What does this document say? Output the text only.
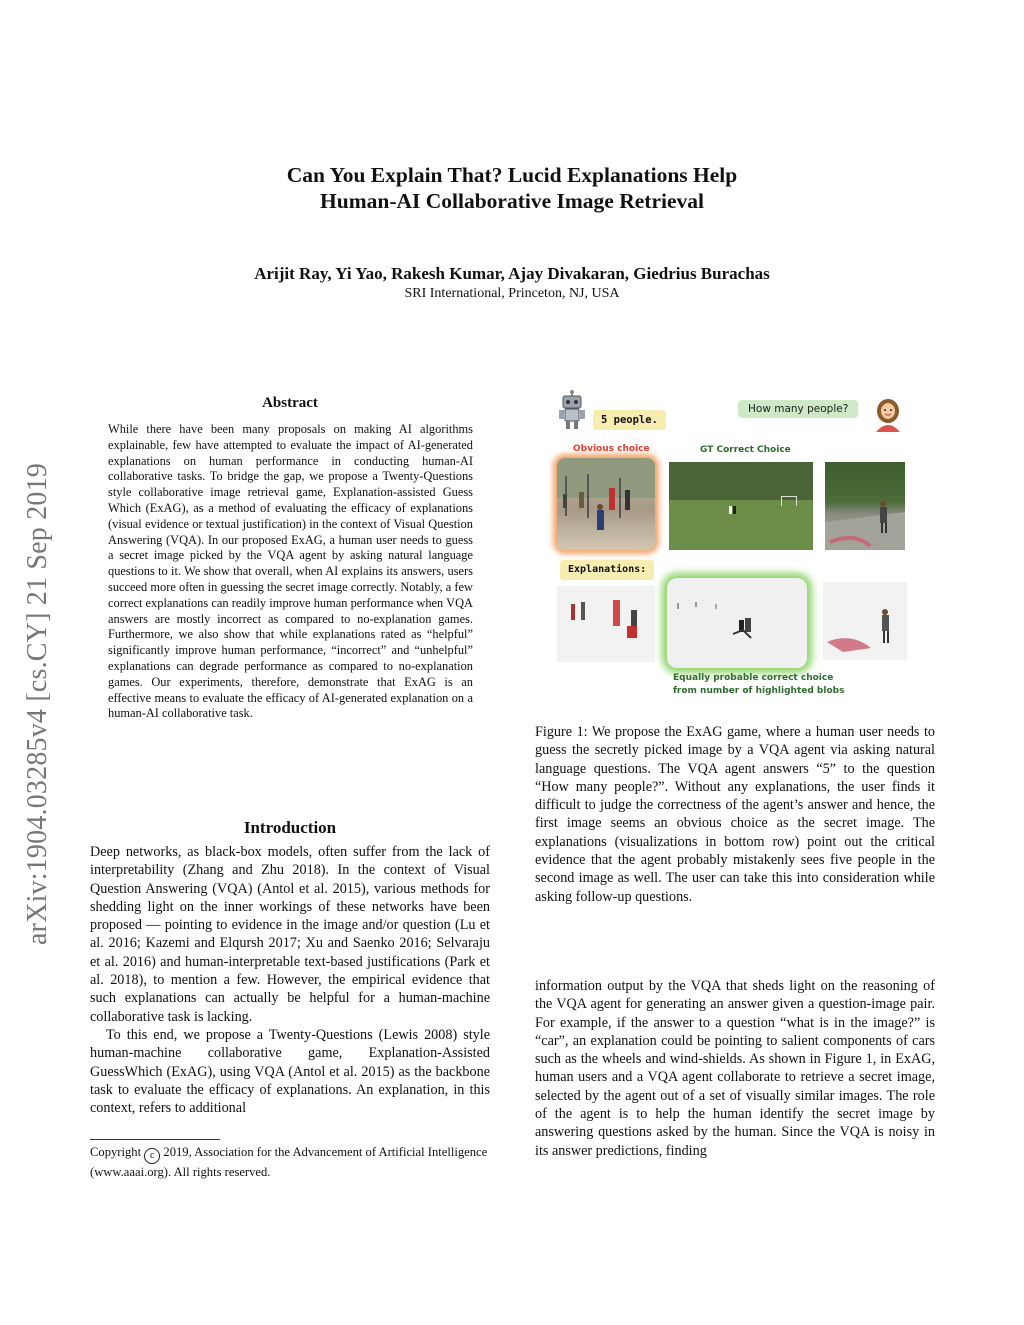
Can You Explain That? Lucid Explanations Help
Human-AI Collaborative Image Retrieval
Arijit Ray, Yi Yao, Rakesh Kumar, Ajay Divakaran, Giedrius Burachas
SRI International, Princeton, NJ, USA
arXiv:1904.03285v4 [cs.CY] 21 Sep 2019
Abstract
While there have been many proposals on making AI algorithms explainable, few have attempted to evaluate the impact of AI-generated explanations on human performance in conducting human-AI collaborative tasks. To bridge the gap, we propose a Twenty-Questions style collaborative image retrieval game, Explanation-assisted Guess Which (ExAG), as a method of evaluating the efficacy of explanations (visual evidence or textual justification) in the context of Visual Question Answering (VQA). In our proposed ExAG, a human user needs to guess a secret image picked by the VQA agent by asking natural language questions to it. We show that overall, when AI explains its answers, users succeed more often in guessing the secret image correctly. Notably, a few correct explanations can readily improve human performance when VQA answers are mostly incorrect as compared to no-explanation games. Furthermore, we also show that while explanations rated as “helpful” significantly improve human performance, “incorrect” and “unhelpful” explanations can degrade performance as compared to no-explanation games. Our experiments, therefore, demonstrate that ExAG is an effective means to evaluate the efficacy of AI-generated explanation on a human-AI collaborative task.
Introduction

Deep networks, as black-box models, often suffer from the lack of interpretability (Zhang and Zhu 2018). In the context of Visual Question Answering (VQA) (Antol et al. 2015), various methods for shedding light on the inner workings of these networks have been proposed — pointing to evidence in the image and/or question (Lu et al. 2016; Kazemi and Elqursh 2017; Xu and Saenko 2016; Selvaraju et al. 2016) and human-interpretable text-based justifications (Park et al. 2018), to mention a few. However, the empirical evidence that such explanations can actually be helpful for a human-machine collaborative task is lacking.

To this end, we propose a Twenty-Questions (Lewis 2008) style human-machine collaborative game, Explanation-Assisted GuessWhich (ExAG), using VQA (Antol et al. 2015) as the backbone task to evaluate the efficacy of explanations. An explanation, in this context, refers to additional

Copyright c 2019, Association for the Advancement of Artificial Intelligence (www.aaai.org). All rights reserved.
5 people.
How many people?
Obvious choice	GT Correct Choice
Explanations:
Equally probable correct choice
from number of highlighted blobs
Figure 1: We propose the ExAG game, where a human user needs to guess the secretly picked image by a VQA agent via asking natural language questions. The VQA agent answers “5” to the question “How many people?”. Without any explanations, the user finds it difficult to judge the correctness of the agent’s answer and hence, the first image seems an obvious choice as the secret image. The explanations (visualizations in bottom row) point out the critical evidence that the agent probably mistakenly sees five people in the second image as well. The user can take this into consideration while asking follow-up questions.

information output by the VQA that sheds light on the reasoning of the VQA agent for generating an answer given a question-image pair. For example, if the answer to a question “what is in the image?” is “car”, an explanation could be pointing to salient components of cars such as the wheels and wind-shields. As shown in Figure 1, in ExAG, human users and a VQA agent collaborate to retrieve a secret image, selected by the agent out of a set of visually similar images. The role of the agent is to help the human identify the secret image by answering questions asked by the human. Since the VQA is noisy in its answer predictions, finding
